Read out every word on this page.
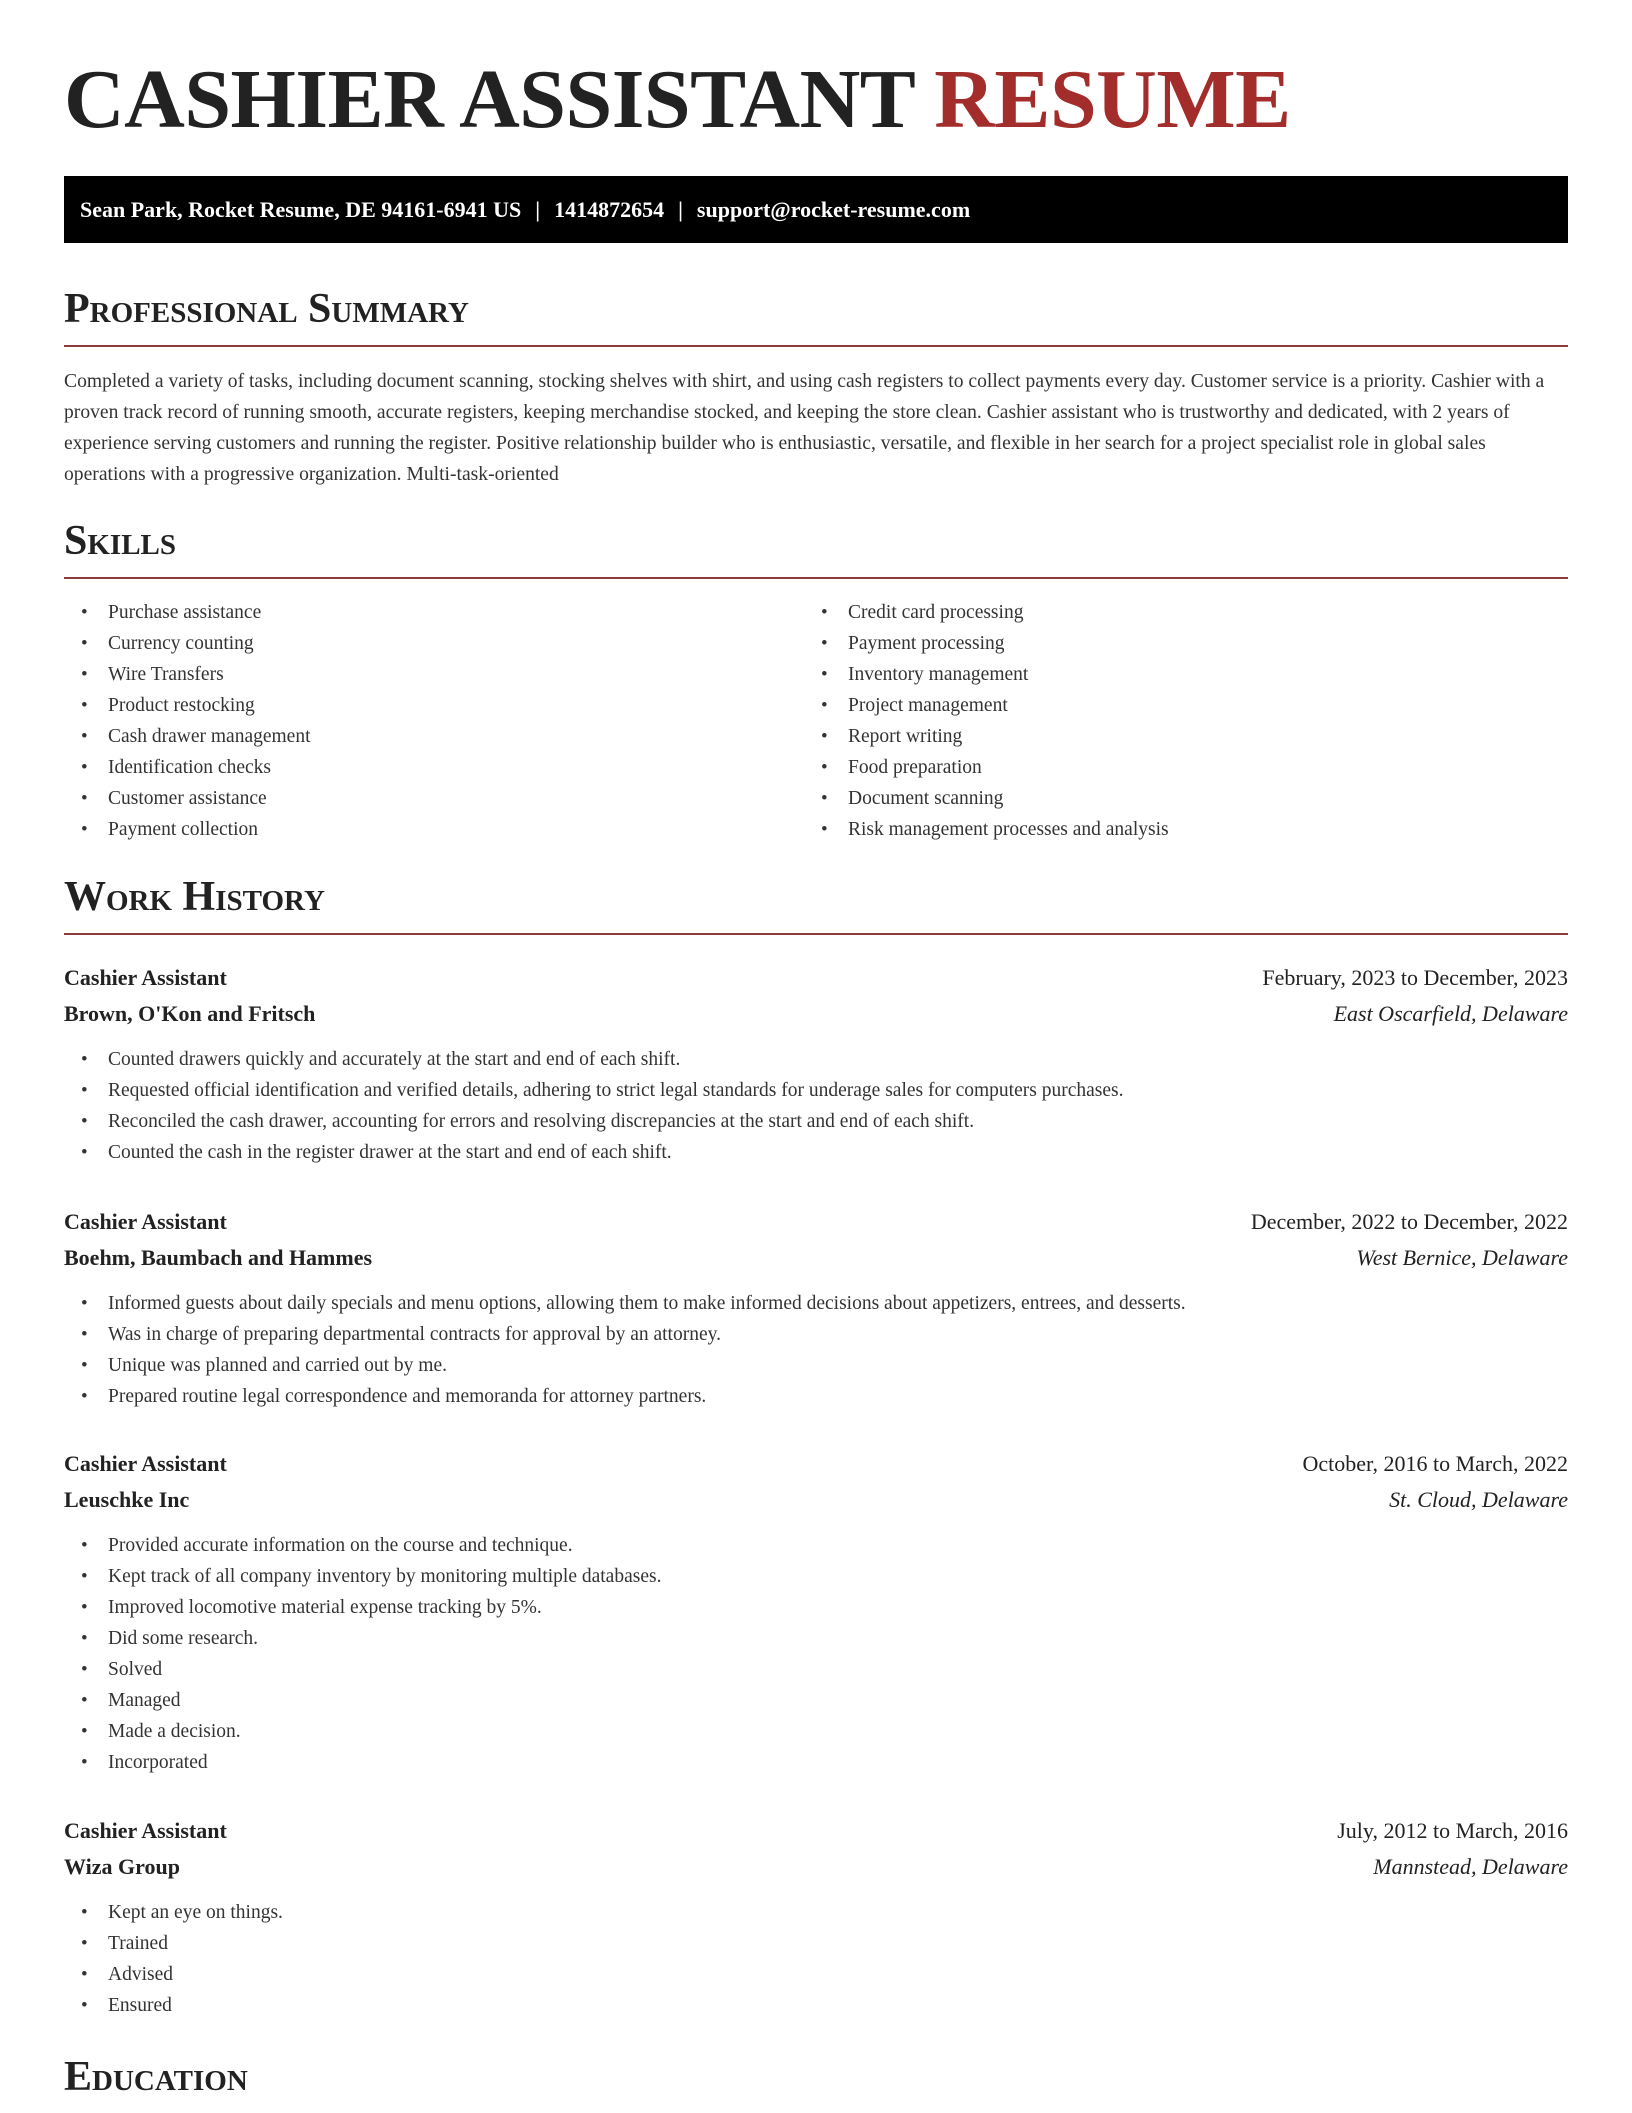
CASHIER ASSISTANT RESUME
Sean Park, Rocket Resume, DE 94161-6941 US | 1414872654 | support@rocket-resume.com
Professional Summary

Completed a variety of tasks, including document scanning, stocking shelves with shirt, and using cash registers to collect payments every day. Customer service is a priority. Cashier with a proven track record of running smooth, accurate registers, keeping merchandise stocked, and keeping the store clean. Cashier assistant who is trustworthy and dedicated, with 2 years of experience serving customers and running the register. Positive relationship builder who is enthusiastic, versatile, and flexible in her search for a project specialist role in global sales operations with a progressive organization. Multi-task-oriented

Skills
• Purchase assistance
• Currency counting
• Wire Transfers
• Product restocking
• Cash drawer management
• Identification checks
• Customer assistance
• Payment collection
• Credit card processing
• Payment processing
• Inventory management
• Project management
• Report writing
• Food preparation
• Document scanning
• Risk management processes and analysis
Work History
Cashier Assistant	February, 2023 to December, 2023
Brown, O'Kon and Fritsch	East Oscarfield, Delaware
• Counted drawers quickly and accurately at the start and end of each shift.
• Requested official identification and verified details, adhering to strict legal standards for underage sales for computers purchases.
• Reconciled the cash drawer, accounting for errors and resolving discrepancies at the start and end of each shift.
• Counted the cash in the register drawer at the start and end of each shift.
Cashier Assistant	December, 2022 to December, 2022
Boehm, Baumbach and Hammes	West Bernice, Delaware
• Informed guests about daily specials and menu options, allowing them to make informed decisions about appetizers, entrees, and desserts.
• Was in charge of preparing departmental contracts for approval by an attorney.
• Unique was planned and carried out by me.
• Prepared routine legal correspondence and memoranda for attorney partners.
Cashier Assistant	October, 2016 to March, 2022
Leuschke Inc	St. Cloud, Delaware
• Provided accurate information on the course and technique.
• Kept track of all company inventory by monitoring multiple databases.
• Improved locomotive material expense tracking by 5%.
• Did some research.
• Solved
• Managed
• Made a decision.
• Incorporated
Cashier Assistant	July, 2012 to March, 2016
Wiza Group	Mannstead, Delaware
• Kept an eye on things.
• Trained
• Advised
• Ensured
Education
